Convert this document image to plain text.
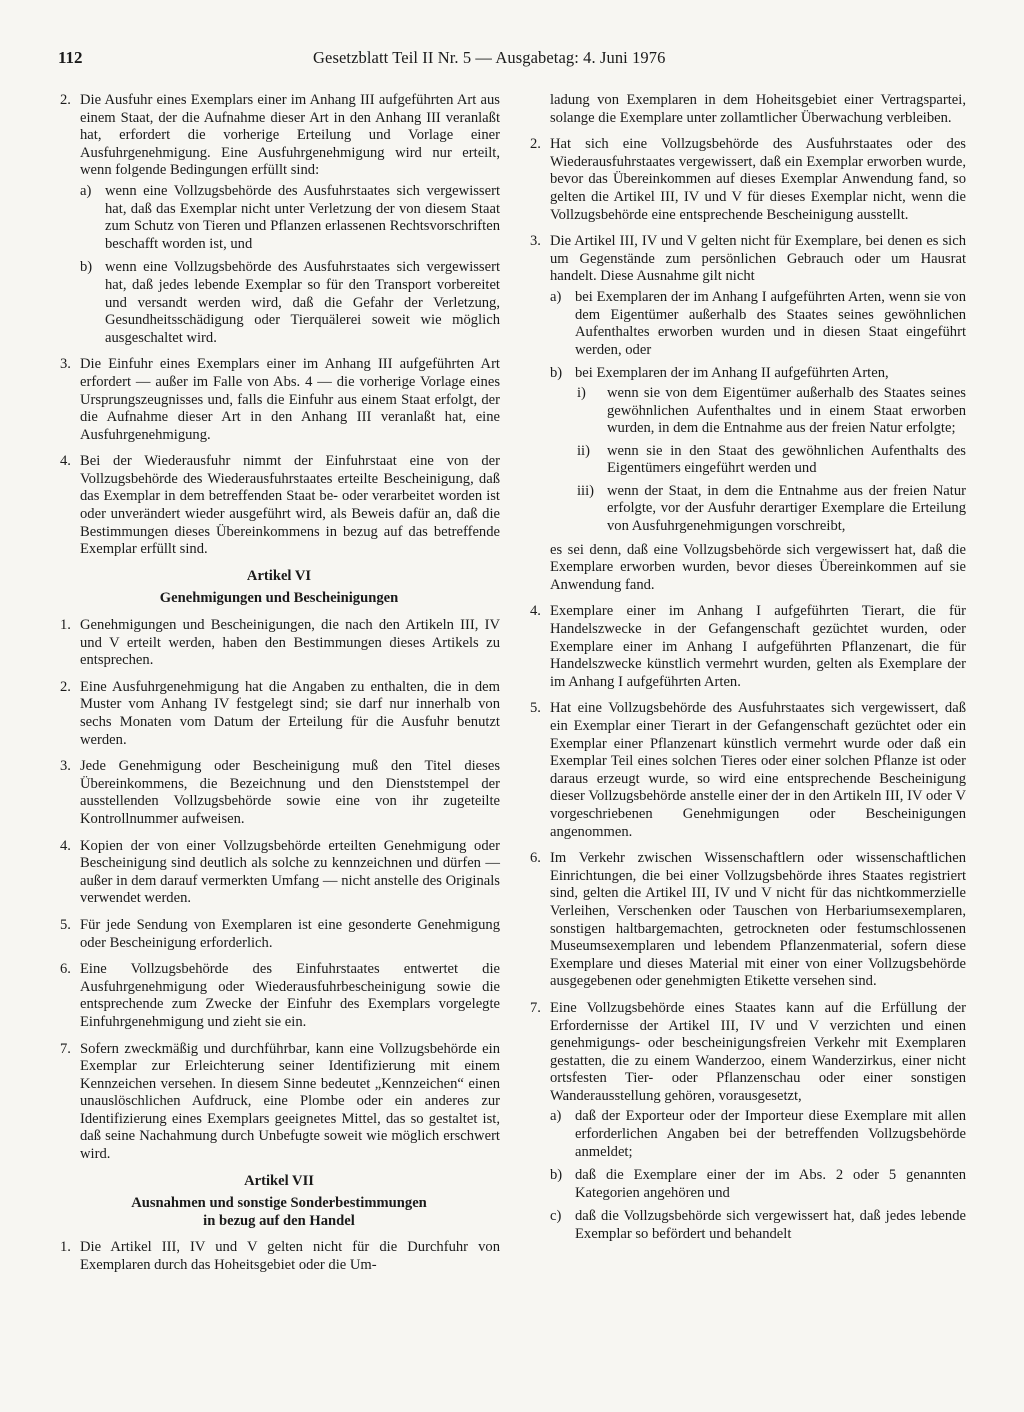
112	Gesetzblatt Teil II Nr. 5 — Ausgabetag: 4. Juni 1976
2. Die Ausfuhr eines Exemplars einer im Anhang III aufgeführten Art aus einem Staat, der die Aufnahme dieser Art in den Anhang III veranlaßt hat, erfordert die vorherige Erteilung und Vorlage einer Ausfuhrgenehmigung. Eine Ausfuhrgenehmigung wird nur erteilt, wenn folgende Bedingungen erfüllt sind:

a) wenn eine Vollzugsbehörde des Ausfuhrstaates sich vergewissert hat, daß das Exemplar nicht unter Verletzung der von diesem Staat zum Schutz von Tieren und Pflanzen erlassenen Rechtsvorschriften beschafft worden ist, und

b) wenn eine Vollzugsbehörde des Ausfuhrstaates sich vergewissert hat, daß jedes lebende Exemplar so für den Transport vorbereitet und versandt werden wird, daß die Gefahr der Verletzung, Gesundheitsschädigung oder Tierquälerei soweit wie möglich ausgeschaltet wird.

3. Die Einfuhr eines Exemplars einer im Anhang III aufgeführten Art erfordert — außer im Falle von Abs. 4 — die vorherige Vorlage eines Ursprungszeugnisses und, falls die Einfuhr aus einem Staat erfolgt, der die Aufnahme dieser Art in den Anhang III veranlaßt hat, eine Ausfuhrgenehmigung.

4. Bei der Wiederausfuhr nimmt der Einfuhrstaat eine von der Vollzugsbehörde des Wiederausfuhrstaates erteilte Bescheinigung, daß das Exemplar in dem betreffenden Staat be- oder verarbeitet worden ist oder unverändert wieder ausgeführt wird, als Beweis dafür an, daß die Bestimmungen dieses Übereinkommens in bezug auf das betreffende Exemplar erfüllt sind.

Artikel VI
Genehmigungen und Bescheinigungen
1. Genehmigungen und Bescheinigungen, die nach den Artikeln III, IV und V erteilt werden, haben den Bestimmungen dieses Artikels zu entsprechen.

2. Eine Ausfuhrgenehmigung hat die Angaben zu enthalten, die in dem Muster vom Anhang IV festgelegt sind; sie darf nur innerhalb von sechs Monaten vom Datum der Erteilung für die Ausfuhr benutzt werden.

3. Jede Genehmigung oder Bescheinigung muß den Titel dieses Übereinkommens, die Bezeichnung und den Dienststempel der ausstellenden Vollzugsbehörde sowie eine von ihr zugeteilte Kontrollnummer aufweisen.

4. Kopien der von einer Vollzugsbehörde erteilten Genehmigung oder Bescheinigung sind deutlich als solche zu kennzeichnen und dürfen — außer in dem darauf vermerkten Umfang — nicht anstelle des Originals verwendet werden.

5. Für jede Sendung von Exemplaren ist eine gesonderte Genehmigung oder Bescheinigung erforderlich.

6. Eine Vollzugsbehörde des Einfuhrstaates entwertet die Ausfuhrgenehmigung oder Wiederausfuhrbescheinigung sowie die entsprechende zum Zwecke der Einfuhr des Exemplars vorgelegte Einfuhrgenehmigung und zieht sie ein.

7. Sofern zweckmäßig und durchführbar, kann eine Vollzugsbehörde ein Exemplar zur Erleichterung seiner Identifizierung mit einem Kennzeichen versehen. In diesem Sinne bedeutet „Kennzeichen“ einen unauslöschlichen Aufdruck, eine Plombe oder ein anderes zur Identifizierung eines Exemplars geeignetes Mittel, das so gestaltet ist, daß seine Nachahmung durch Unbefugte soweit wie möglich erschwert wird.

Artikel VII
Ausnahmen und sonstige Sonderbestimmungen
in bezug auf den Handel
1. Die Artikel III, IV und V gelten nicht für die Durchfuhr von Exemplaren durch das Hoheitsgebiet oder die Um-

ladung von Exemplaren in dem Hoheitsgebiet einer Vertragspartei, solange die Exemplare unter zollamtlicher Überwachung verbleiben.

2. Hat sich eine Vollzugsbehörde des Ausfuhrstaates oder des Wiederausfuhrstaates vergewissert, daß ein Exemplar erworben wurde, bevor das Übereinkommen auf dieses Exemplar Anwendung fand, so gelten die Artikel III, IV und V für dieses Exemplar nicht, wenn die Vollzugsbehörde eine entsprechende Bescheinigung ausstellt.

3. Die Artikel III, IV und V gelten nicht für Exemplare, bei denen es sich um Gegenstände zum persönlichen Gebrauch oder um Hausrat handelt. Diese Ausnahme gilt nicht

a) bei Exemplaren der im Anhang I aufgeführten Arten, wenn sie von dem Eigentümer außerhalb des Staates seines gewöhnlichen Aufenthaltes erworben wurden und in diesen Staat eingeführt werden, oder

b) bei Exemplaren der im Anhang II aufgeführten Arten,

i) wenn sie von dem Eigentümer außerhalb des Staates seines gewöhnlichen Aufenthaltes und in einem Staat erworben wurden, in dem die Entnahme aus der freien Natur erfolgte;

ii) wenn sie in den Staat des gewöhnlichen Aufenthalts des Eigentümers eingeführt werden und

iii) wenn der Staat, in dem die Entnahme aus der freien Natur erfolgte, vor der Ausfuhr derartiger Exemplare die Erteilung von Ausfuhrgenehmigungen vorschreibt,

es sei denn, daß eine Vollzugsbehörde sich vergewissert hat, daß die Exemplare erworben wurden, bevor dieses Übereinkommen auf sie Anwendung fand.

4. Exemplare einer im Anhang I aufgeführten Tierart, die für Handelszwecke in der Gefangenschaft gezüchtet wurden, oder Exemplare einer im Anhang I aufgeführten Pflanzenart, die für Handelszwecke künstlich vermehrt wurden, gelten als Exemplare der im Anhang I aufgeführten Arten.

5. Hat eine Vollzugsbehörde des Ausfuhrstaates sich vergewissert, daß ein Exemplar einer Tierart in der Gefangenschaft gezüchtet oder ein Exemplar einer Pflanzenart künstlich vermehrt wurde oder daß ein Exemplar Teil eines solchen Tieres oder einer solchen Pflanze ist oder daraus erzeugt wurde, so wird eine entsprechende Bescheinigung dieser Vollzugsbehörde anstelle einer der in den Artikeln III, IV oder V vorgeschriebenen Genehmigungen oder Bescheinigungen angenommen.

6. Im Verkehr zwischen Wissenschaftlern oder wissenschaftlichen Einrichtungen, die bei einer Vollzugsbehörde ihres Staates registriert sind, gelten die Artikel III, IV und V nicht für das nichtkommerzielle Verleihen, Verschenken oder Tauschen von Herbariumsexemplaren, sonstigen haltbargemachten, getrockneten oder festumschlossenen Museumsexemplaren und lebendem Pflanzenmaterial, sofern diese Exemplare und dieses Material mit einer von einer Vollzugsbehörde ausgegebenen oder genehmigten Etikette versehen sind.

7. Eine Vollzugsbehörde eines Staates kann auf die Erfüllung der Erfordernisse der Artikel III, IV und V verzichten und einen genehmigungs- oder bescheinigungsfreien Verkehr mit Exemplaren gestatten, die zu einem Wanderzoo, einem Wanderzirkus, einer nicht ortsfesten Tier- oder Pflanzenschau oder einer sonstigen Wanderausstellung gehören, vorausgesetzt,

a) daß der Exporteur oder der Importeur diese Exemplare mit allen erforderlichen Angaben bei der betreffenden Vollzugsbehörde anmeldet;

b) daß die Exemplare einer der im Abs. 2 oder 5 genannten Kategorien angehören und

c) daß die Vollzugsbehörde sich vergewissert hat, daß jedes lebende Exemplar so befördert und behandelt
